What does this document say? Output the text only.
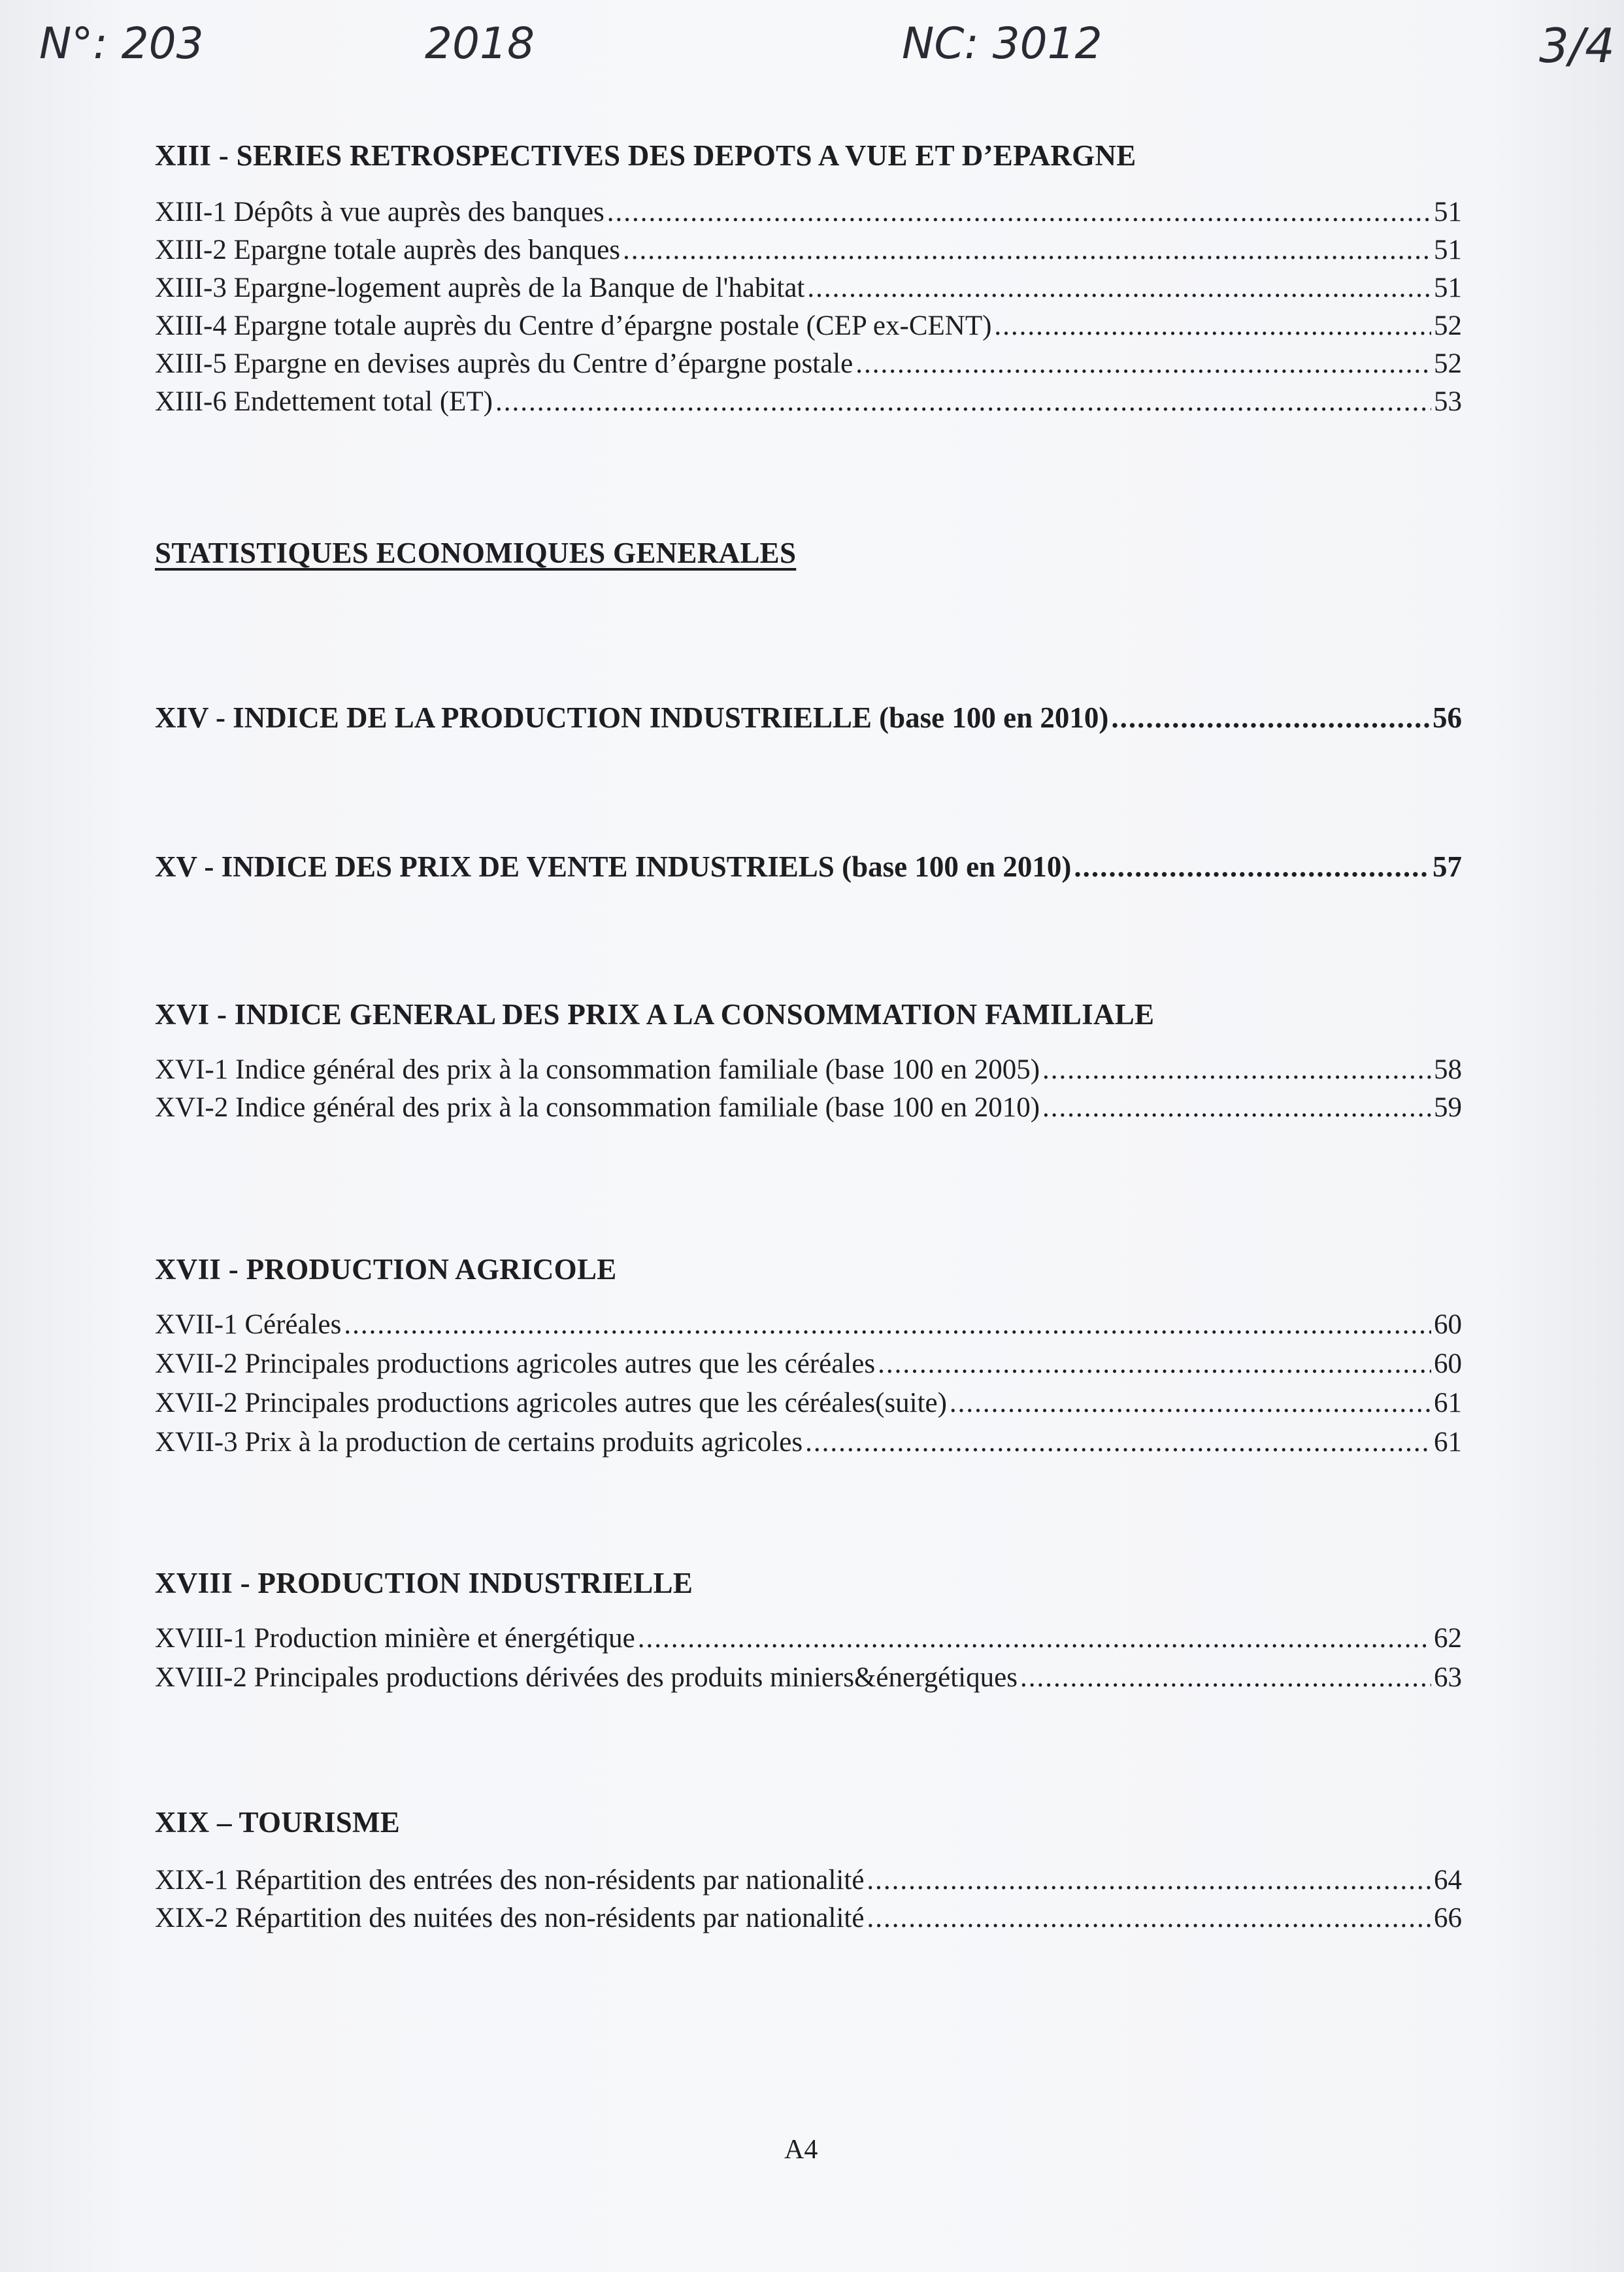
N°: 203	2018	NC: 3012	3/4
XIII - SERIES RETROSPECTIVES DES DEPOTS A VUE ET D’EPARGNE
XIII-1 Dépôts à vue auprès des banques .....	51
XIII-2 Epargne totale auprès des banques .....	51
XIII-3 Epargne-logement auprès de la Banque de l'habitat .....	51
XIII-4 Epargne totale auprès du Centre d’épargne postale (CEP ex-CENT) .....	52
XIII-5 Epargne en devises auprès du Centre d’épargne postale .....	52
XIII-6 Endettement total (ET) .....	53
STATISTIQUES ECONOMIQUES GENERALES
XIV - INDICE DE LA PRODUCTION INDUSTRIELLE (base 100 en 2010) .....	56
XV - INDICE DES PRIX DE VENTE INDUSTRIELS (base 100 en 2010) .....	57
XVI - INDICE GENERAL DES PRIX A LA CONSOMMATION FAMILIALE
XVI-1 Indice général des prix à la consommation familiale (base 100 en 2005) .....	58
XVI-2 Indice général des prix à la consommation familiale (base 100 en 2010) .....	59
XVII - PRODUCTION AGRICOLE
XVII-1 Céréales .....	60
XVII-2 Principales productions agricoles autres que les céréales .....	60
XVII-2 Principales productions agricoles autres que les céréales(suite) .....	61
XVII-3 Prix à la production de certains produits agricoles .....	61
XVIII - PRODUCTION INDUSTRIELLE
XVIII-1 Production minière et énergétique .....	62
XVIII-2 Principales productions dérivées des produits miniers&énergétiques .....	63
XIX – TOURISME
XIX-1 Répartition des entrées des non-résidents par nationalité .....	64
XIX-2 Répartition des nuitées des non-résidents par nationalité .....	66
A4
